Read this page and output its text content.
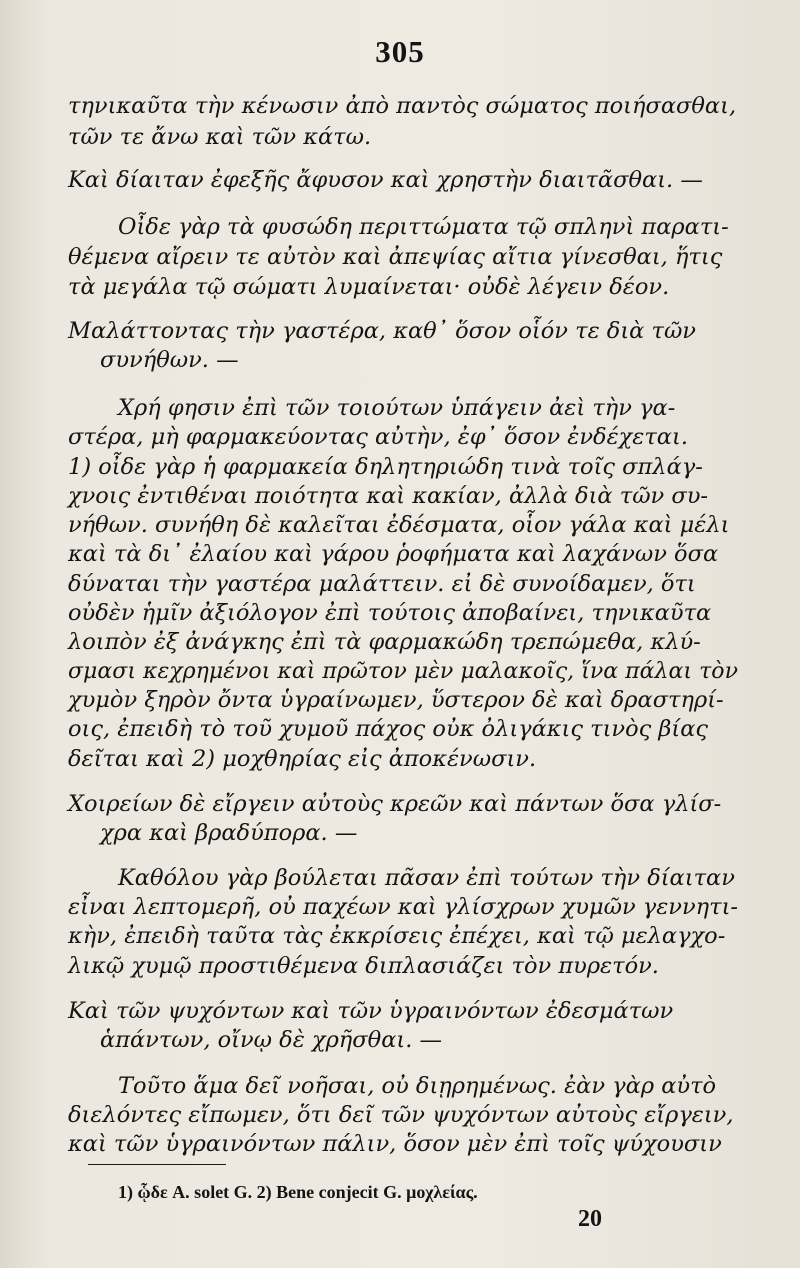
305
τηνικαῦτα τὴν κένωσιν ἀπὸ παντὸς σώματος ποιήσασθαι,
τῶν τε ἄνω καὶ τῶν κάτω.
Καὶ δίαιταν ἐφεξῆς ἄφυσον καὶ χρηστὴν διαιτᾶσθαι. —
Οἶδε γὰρ τὰ φυσώδη περιττώματα τῷ σπληνὶ παρατι-
θέμενα αἴρειν τε αὐτὸν καὶ ἀπεψίας αἴτια γίνεσθαι, ἥτις
τὰ μεγάλα τῷ σώματι λυμαίνεται· οὐδὲ λέγειν δέον.
Μαλάττοντας τὴν γαστέρα, καθ᾽ ὅσον οἷόν τε διὰ τῶν
συνήθων. —
Χρή φησιν ἐπὶ τῶν τοιούτων ὑπάγειν ἀεὶ τὴν γα-
στέρα, μὴ φαρμακεύοντας αὐτὴν, ἐφ᾽ ὅσον ἐνδέχεται.
1) οἶδε γὰρ ἡ φαρμακεία δηλητηριώδη τινὰ τοῖς σπλάγ-
χνοις ἐντιθέναι ποιότητα καὶ κακίαν, ἀλλὰ διὰ τῶν συ-
νήθων. συνήθη δὲ καλεῖται ἐδέσματα, οἷον γάλα καὶ μέλι
καὶ τὰ δι᾽ ἐλαίου καὶ γάρου ῥοφήματα καὶ λαχάνων ὅσα
δύναται τὴν γαστέρα μαλάττειν. εἰ δὲ συνοίδαμεν, ὅτι
οὐδὲν ἡμῖν ἀξιόλογον ἐπὶ τούτοις ἀποβαίνει, τηνικαῦτα
λοιπὸν ἐξ ἀνάγκης ἐπὶ τὰ φαρμακώδη τρεπώμεθα, κλύ-
σμασι κεχρημένοι καὶ πρῶτον μὲν μαλακοῖς, ἵνα πάλαι τὸν
χυμὸν ξηρὸν ὄντα ὑγραίνωμεν, ὕστερον δὲ καὶ δραστηρί-
οις, ἐπειδὴ τὸ τοῦ χυμοῦ πάχος οὐκ ὀλιγάκις τινὸς βίας
δεῖται καὶ 2) μοχθηρίας εἰς ἀποκένωσιν.
Χοιρείων δὲ εἴργειν αὐτοὺς κρεῶν καὶ πάντων ὅσα γλίσ-
χρα καὶ βραδύπορα. —
Καθόλου γὰρ βούλεται πᾶσαν ἐπὶ τούτων τὴν δίαιταν
εἶναι λεπτομερῆ, οὐ παχέων καὶ γλίσχρων χυμῶν γεννητι-
κὴν, ἐπειδὴ ταῦτα τὰς ἐκκρίσεις ἐπέχει, καὶ τῷ μελαγχο-
λικῷ χυμῷ προστιθέμενα διπλασιάζει τὸν πυρετόν.
Καὶ τῶν ψυχόντων καὶ τῶν ὑγραινόντων ἐδεσμάτων
ἁπάντων, οἴνῳ δὲ χρῆσθαι. —
Τοῦτο ἅμα δεῖ νοῆσαι, οὐ διῃρημένως. ἐὰν γὰρ αὐτὸ
διελόντες εἴπωμεν, ὅτι δεῖ τῶν ψυχόντων αὐτοὺς εἴργειν,
καὶ τῶν ὑγραινόντων πάλιν, ὅσον μὲν ἐπὶ τοῖς ψύχουσιν
1) ᾧδε A. solet G. 2) Bene conjecit G. μοχλείας.
20
